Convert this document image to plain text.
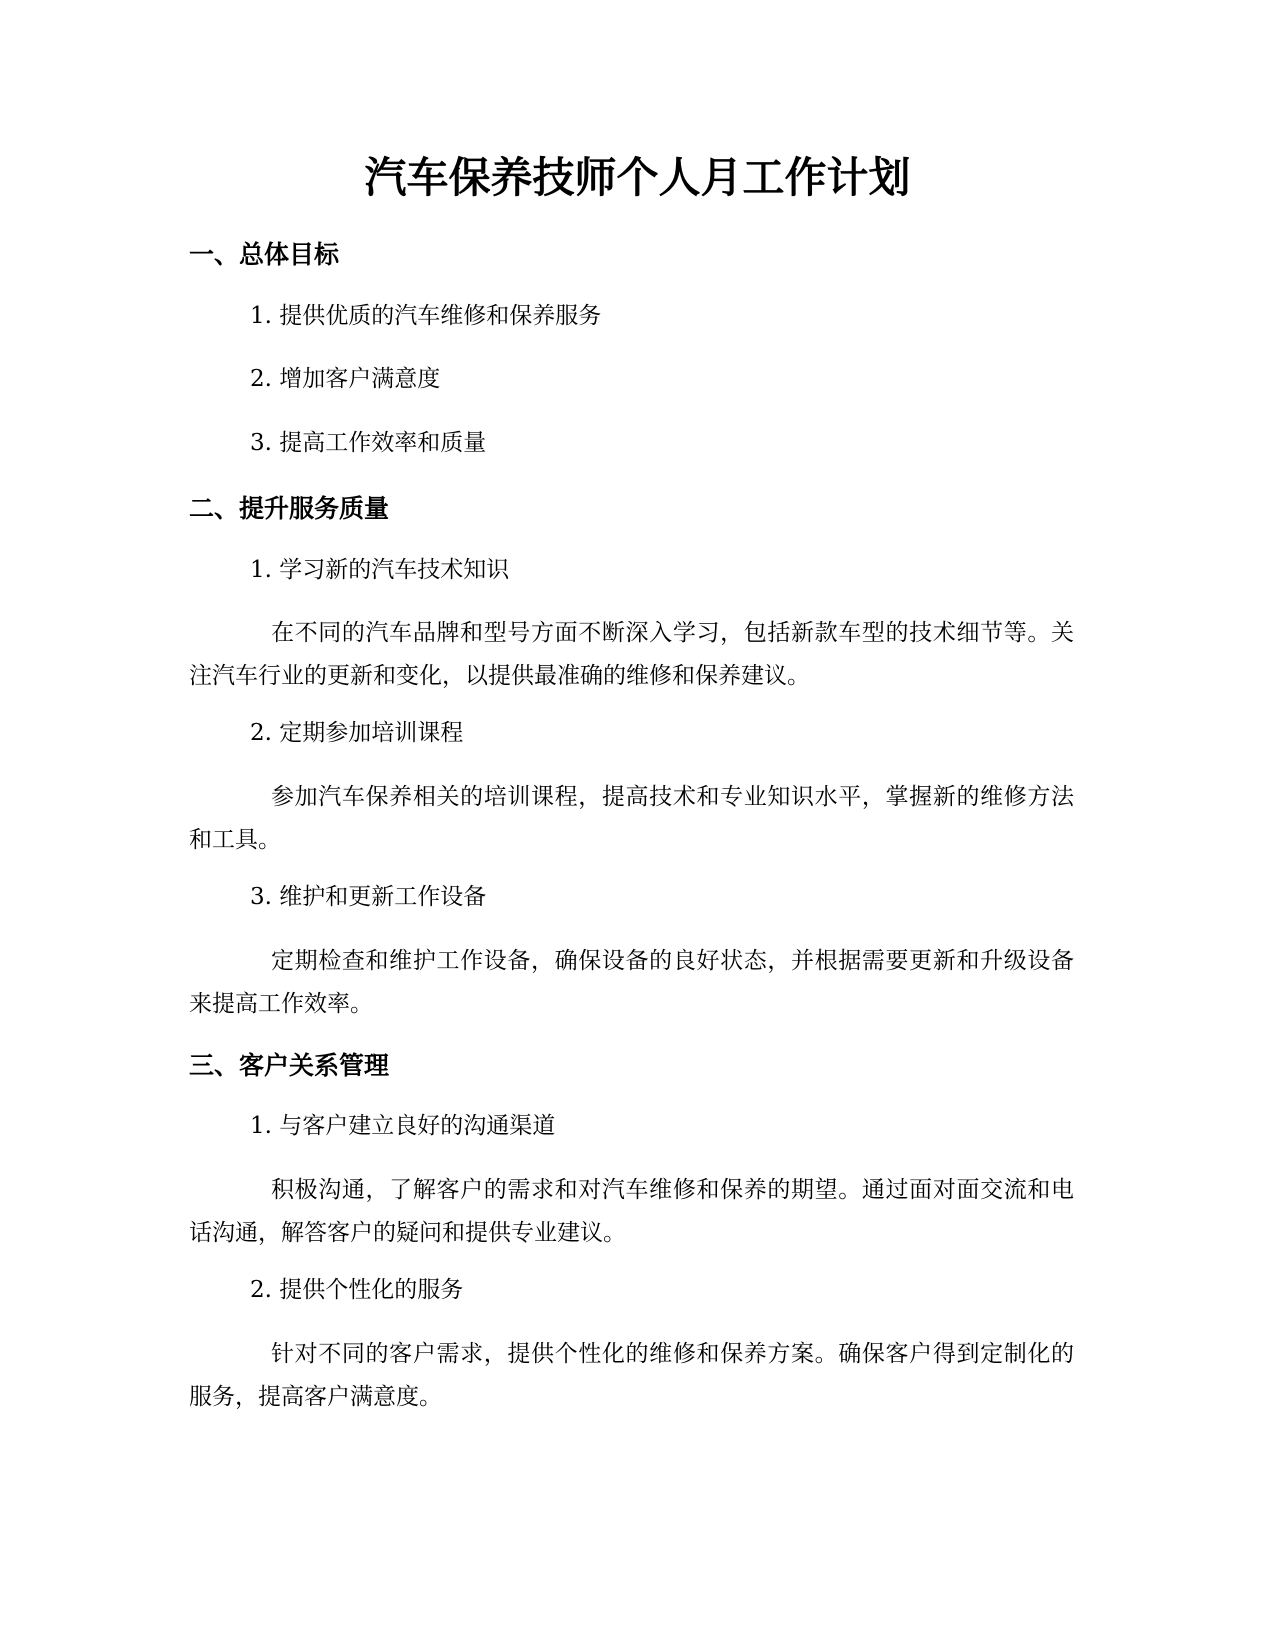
汽车保养技师个人月工作计划
一、总体目标

1. 提供优质的汽车维修和保养服务

2. 增加客户满意度

3. 提高工作效率和质量

二、提升服务质量

1. 学习新的汽车技术知识

在不同的汽车品牌和型号方面不断深入学习，包括新款车型的技术细节等。关注汽车行业的更新和变化，以提供最准确的维修和保养建议。

2. 定期参加培训课程

参加汽车保养相关的培训课程，提高技术和专业知识水平，掌握新的维修方法和工具。

3. 维护和更新工作设备

定期检查和维护工作设备，确保设备的良好状态，并根据需要更新和升级设备来提高工作效率。

三、客户关系管理

1. 与客户建立良好的沟通渠道

积极沟通，了解客户的需求和对汽车维修和保养的期望。通过面对面交流和电话沟通，解答客户的疑问和提供专业建议。

2. 提供个性化的服务

针对不同的客户需求，提供个性化的维修和保养方案。确保客户得到定制化的服务，提高客户满意度。
